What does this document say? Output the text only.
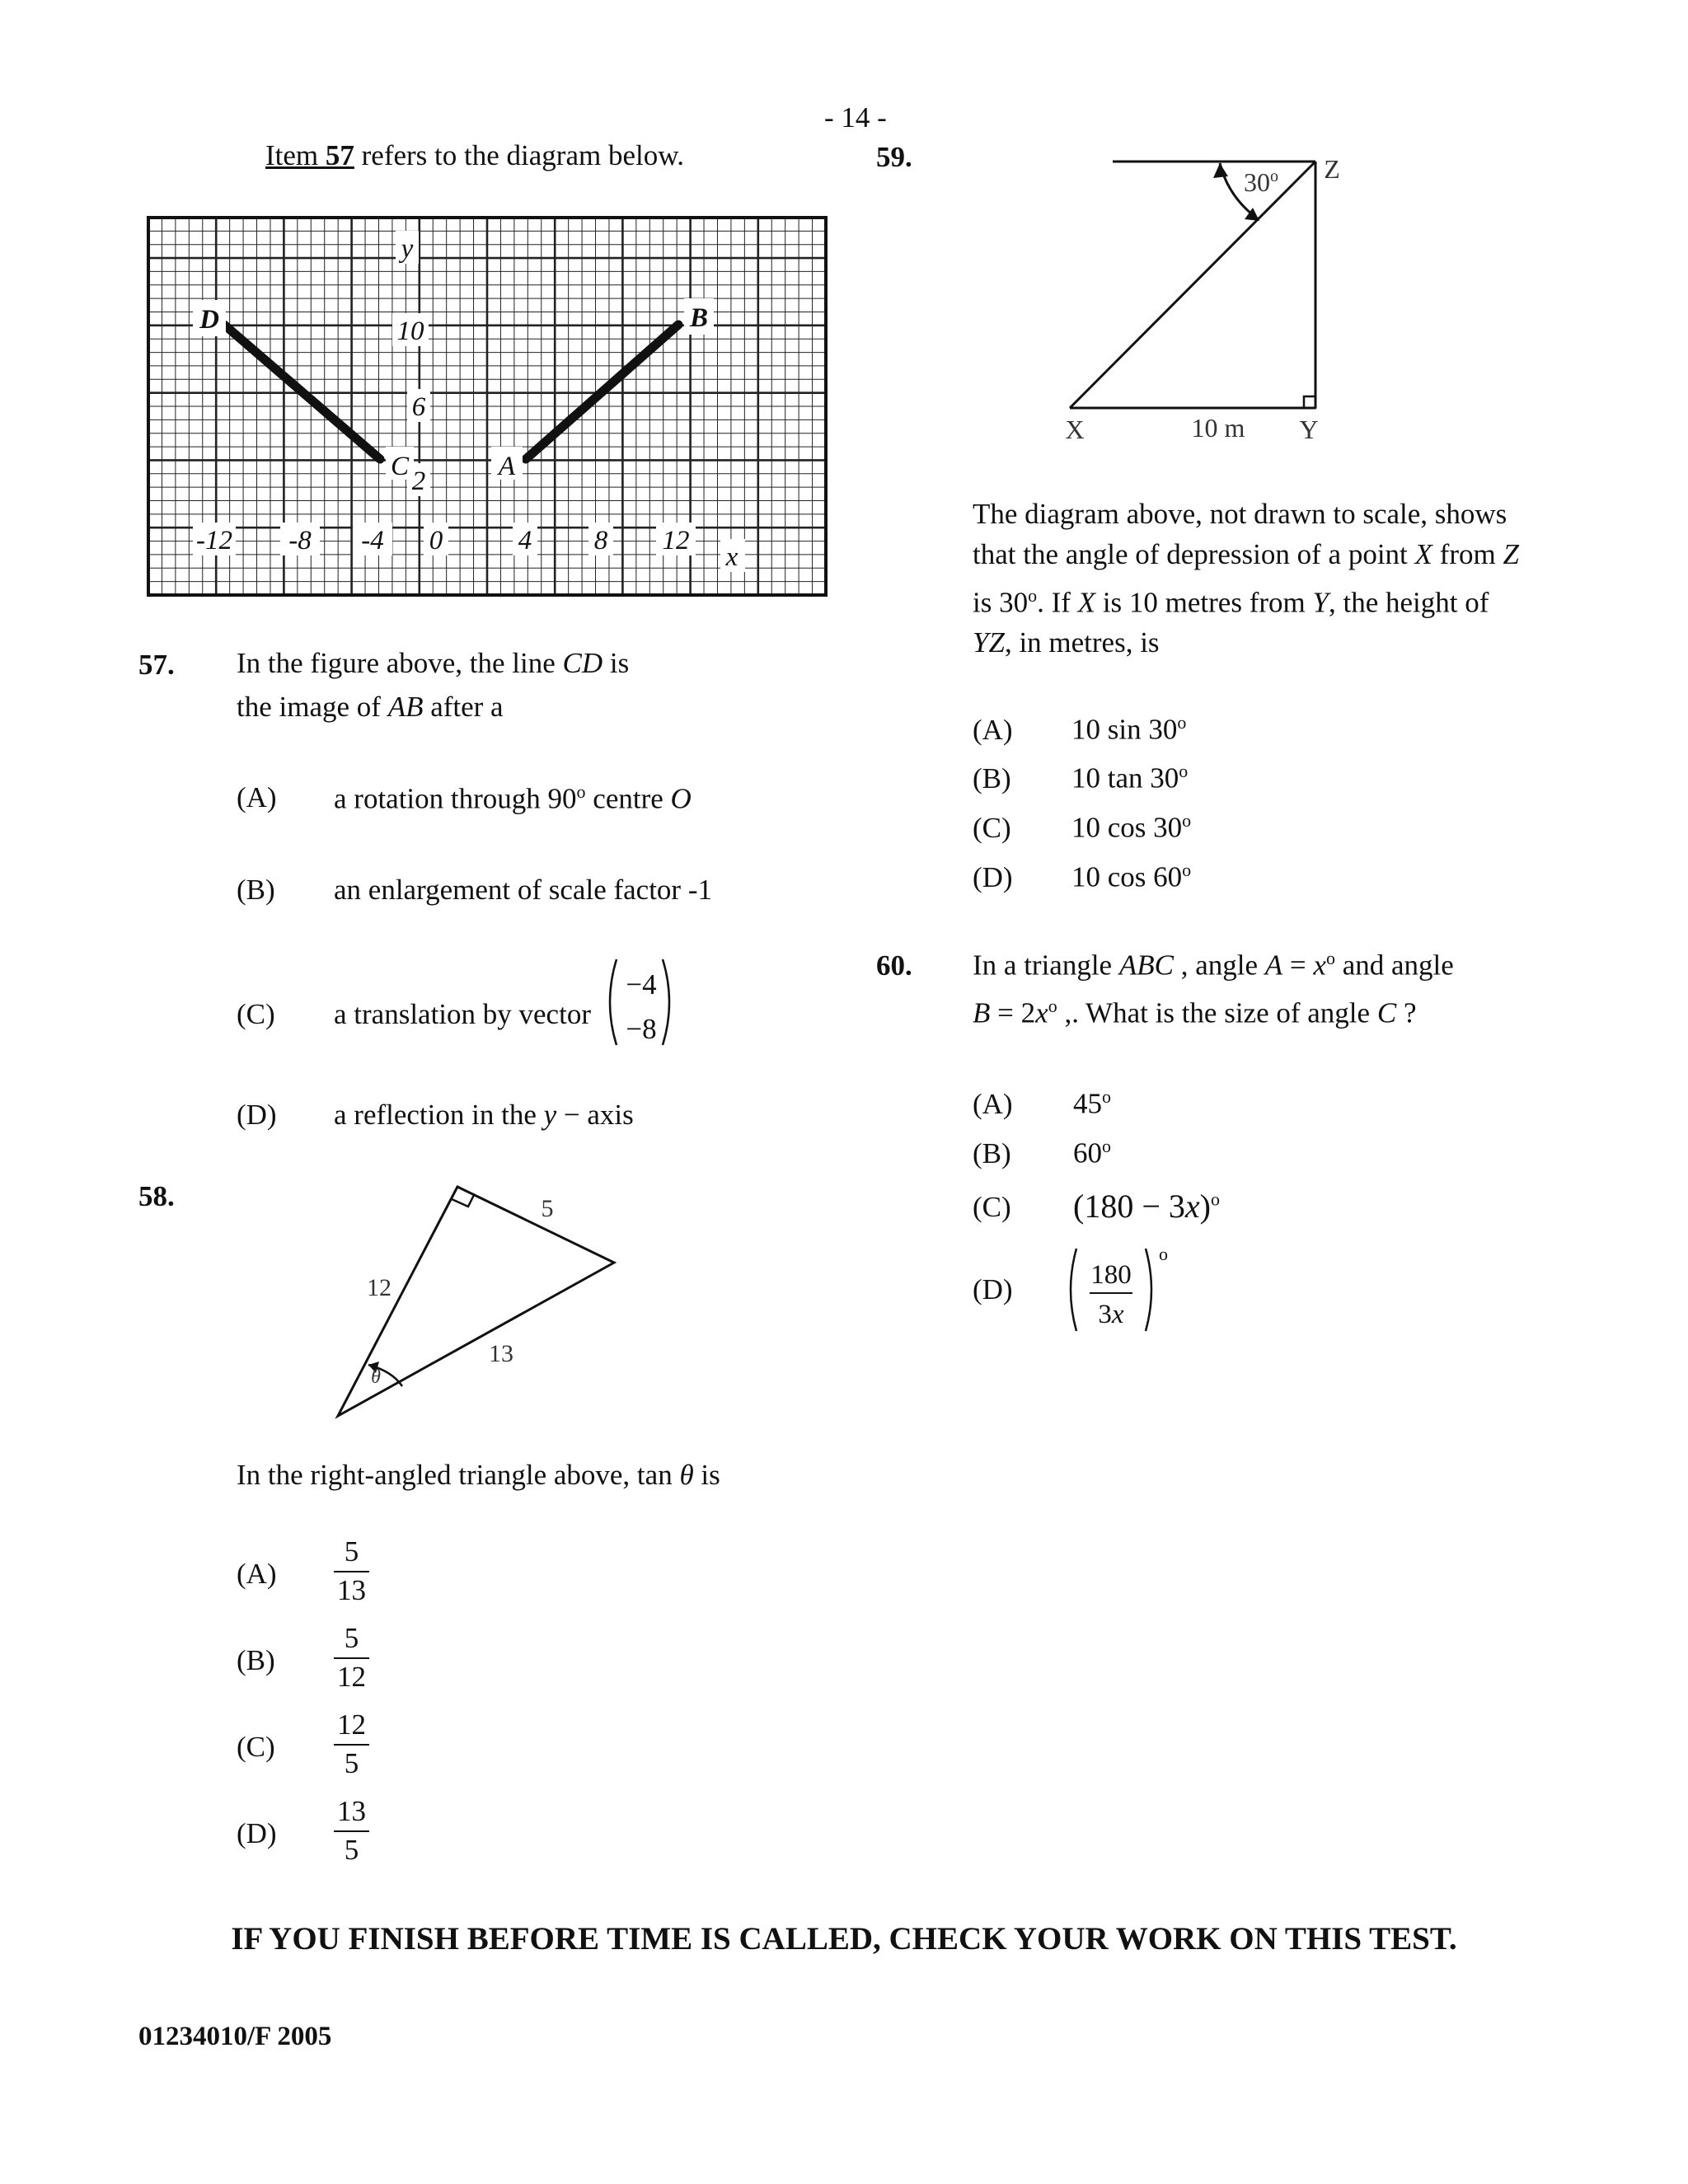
- 14 -
Item 57 refers to the diagram below.
y
x
10
6
2
-12 -8 -4 0	4 8 12
D	B
C	A
57. In the figure above, the line CD is
the image of AB after a
(A) a rotation through 90$^o$ centre O
(B) an enlargement of scale factor -1
(C) a translation by vector
−4
−8
(D) a reflection in the y − axis
58.	5
12
13
θ
In the right-angled triangle above, tan θ is
$(A) \frac{5}{13}$
$(B) \frac{5}{12}$
$(C) \frac{12}{5}$
$(D) \frac{13}{5}$
59.
30$^o$ Z
X	Y
10 m
The diagram above, not drawn to scale, shows
that the angle of depression of a point X from Z
is 30$^o$. If X is 10 metres from Y, the height of
YZ, in metres, is
(A) 10 sin 30$^o$
(B) 10 tan 30$^o$
(C) 10 cos 30$^o$
(D) 10 cos 60$^o$
60. In a triangle ABC , angle $A = x^o$ and angle
$B = 2x^o$ ,. What is the size of angle C ?
(A) 45$^o$
(B) 60$^o$
(C) $(180 - 3x)^o$
(D)	180
3x
o
IF YOU FINISH BEFORE TIME IS CALLED, CHECK YOUR WORK ON THIS TEST.
01234010/F 2005
